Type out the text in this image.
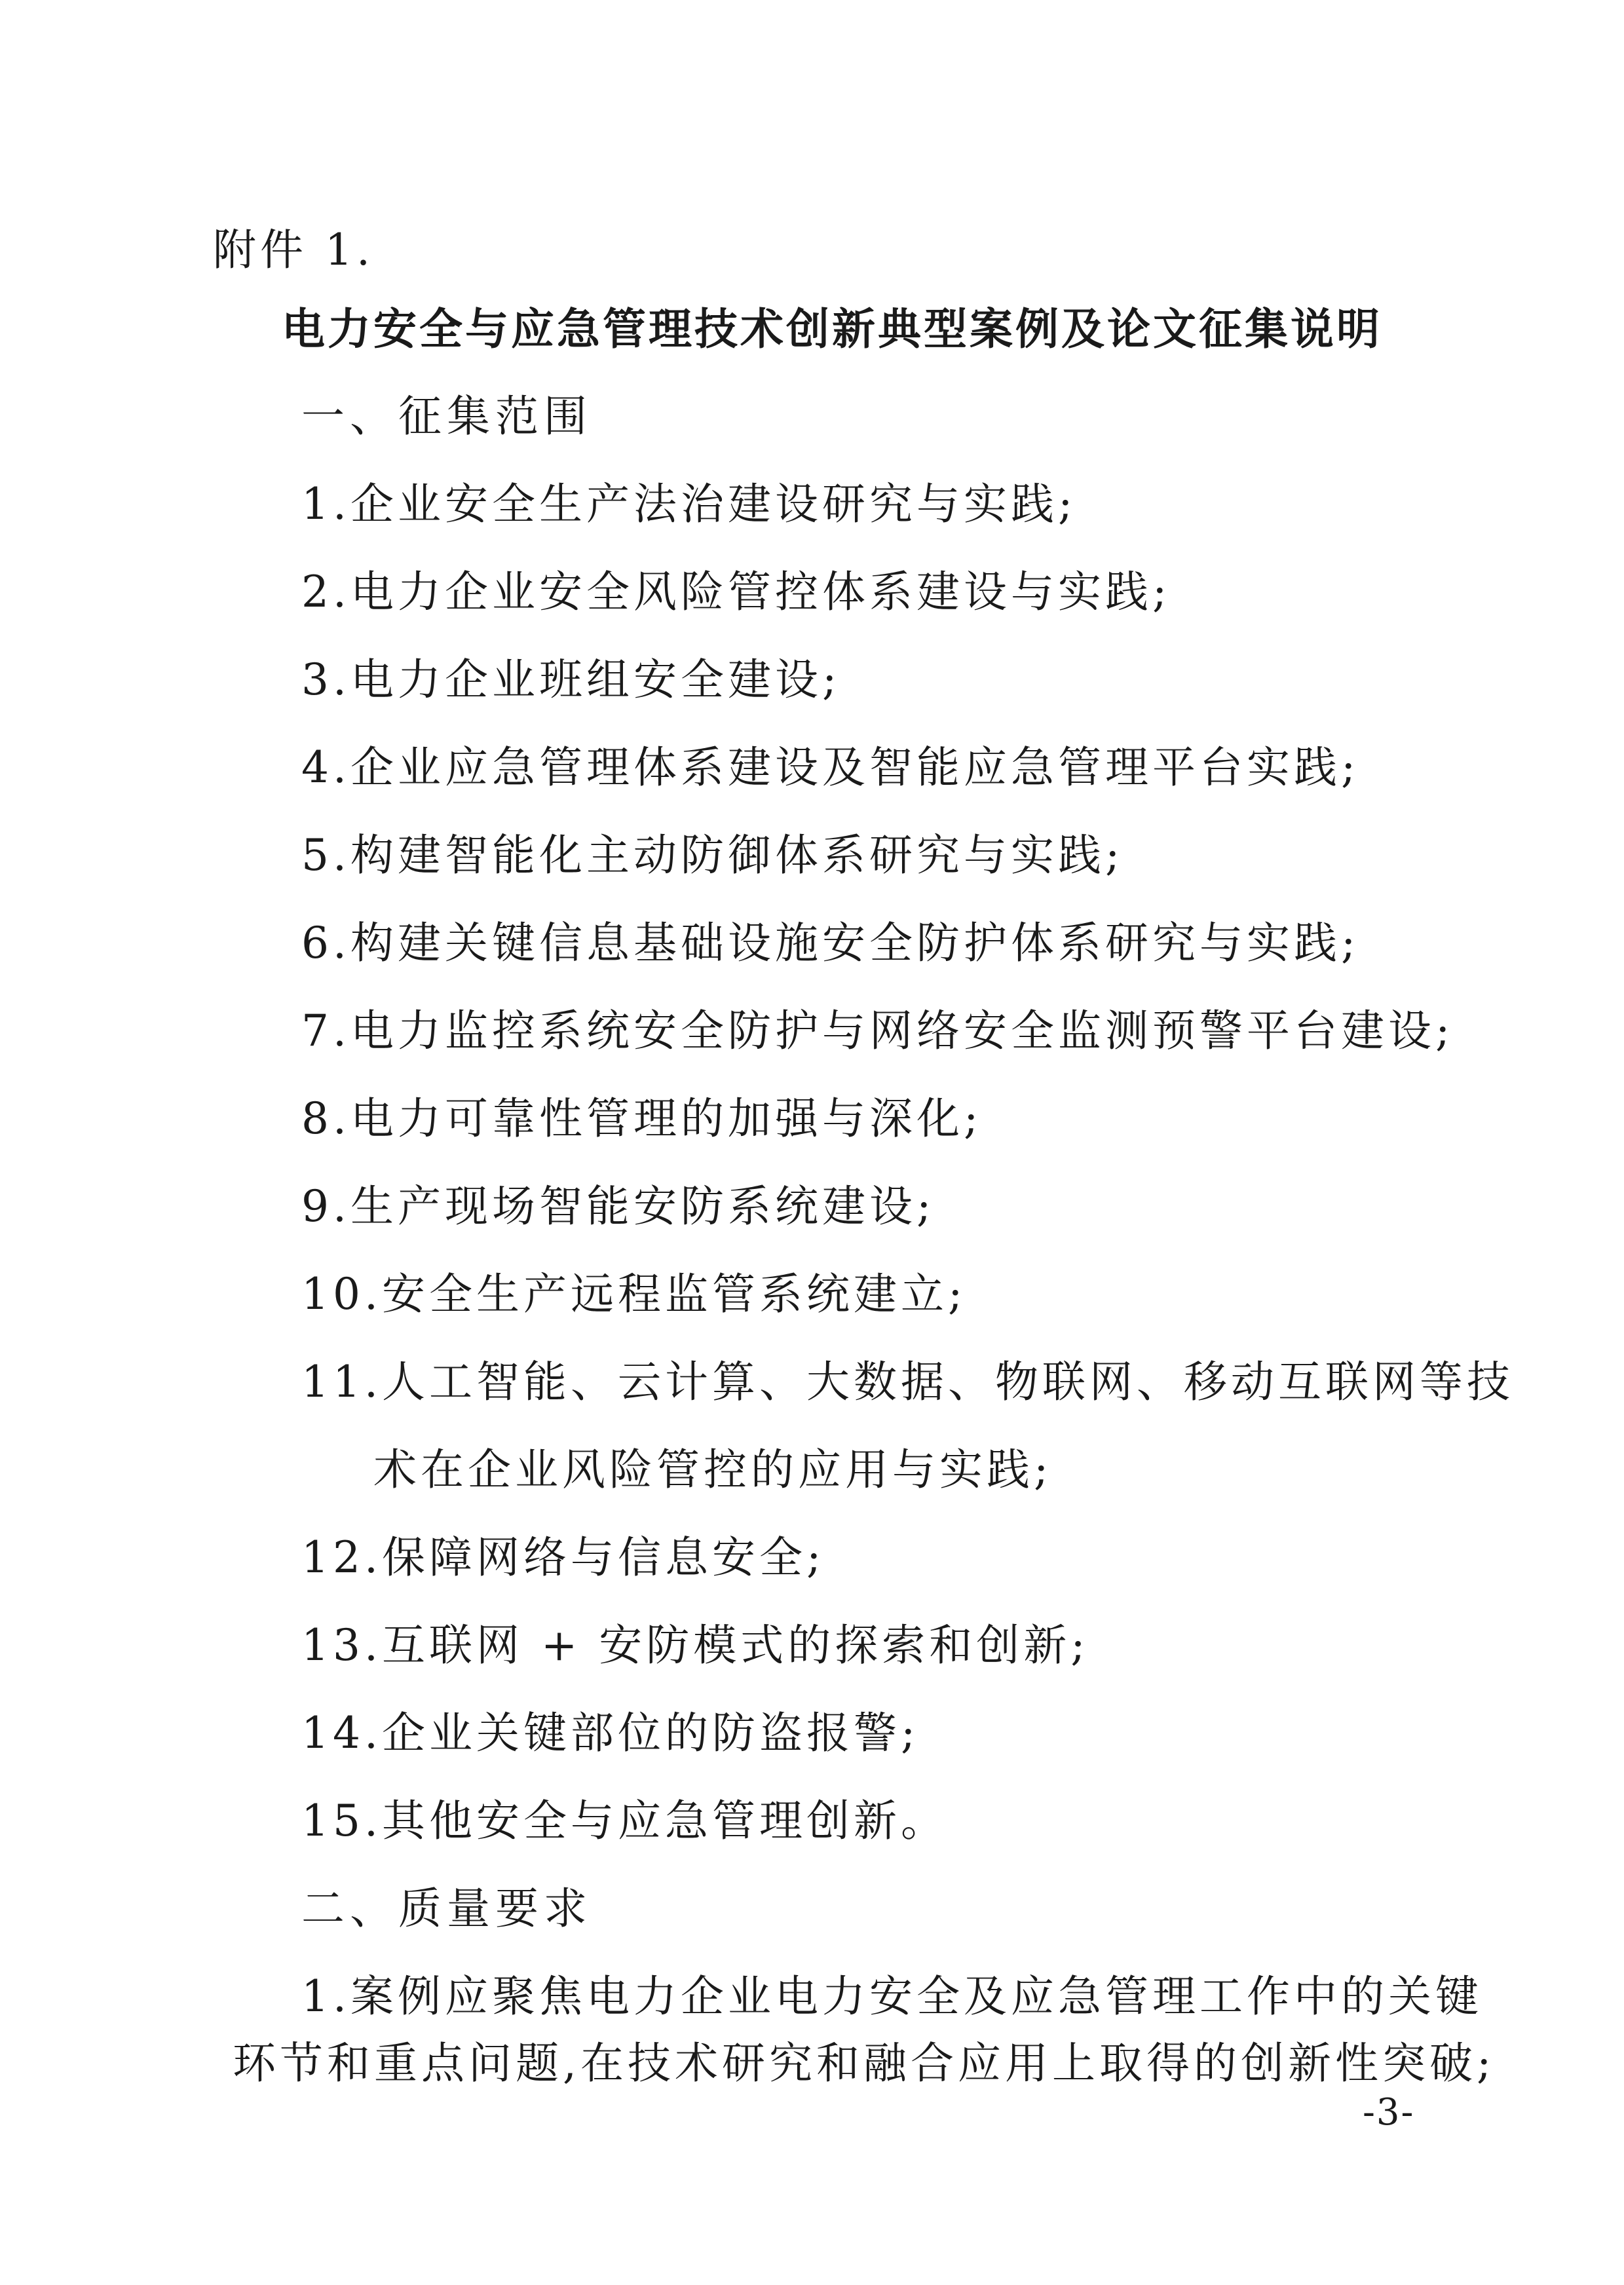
附件 1.
电力安全与应急管理技术创新典型案例及论文征集说明
一、征集范围
1.企业安全生产法治建设研究与实践;
2.电力企业安全风险管控体系建设与实践;
3.电力企业班组安全建设;
4.企业应急管理体系建设及智能应急管理平台实践;
5.构建智能化主动防御体系研究与实践;
6.构建关键信息基础设施安全防护体系研究与实践;
7.电力监控系统安全防护与网络安全监测预警平台建设;
8.电力可靠性管理的加强与深化;
9.生产现场智能安防系统建设;
10.安全生产远程监管系统建立;
11.人工智能、云计算、大数据、物联网、移动互联网等技
术在企业风险管控的应用与实践;
12.保障网络与信息安全;
13.互联网 + 安防模式的探索和创新;
14.企业关键部位的防盗报警;
15.其他安全与应急管理创新。
二、质量要求
1.案例应聚焦电力企业电力安全及应急管理工作中的关键
环节和重点问题,在技术研究和融合应用上取得的创新性突破;
-3-
